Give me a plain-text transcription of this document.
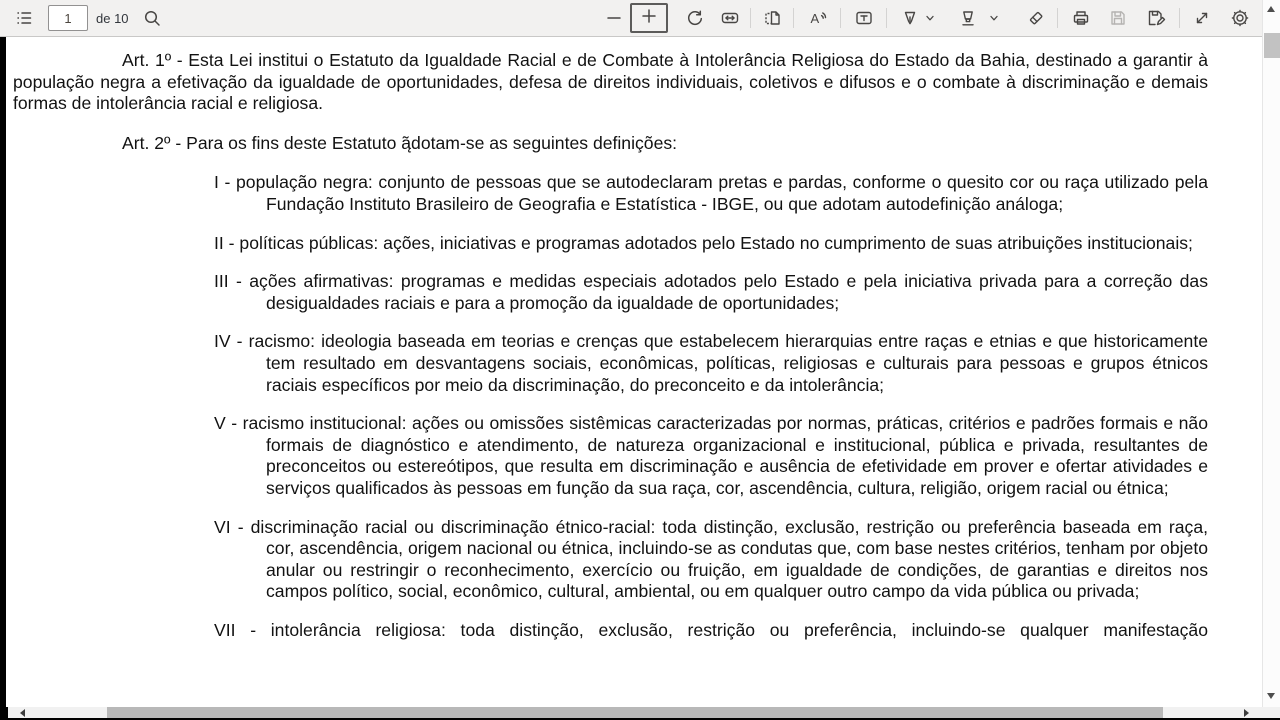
1
de 10	A

Art. 1º - Esta Lei institui o Estatuto da Igualdade Racial e de Combate à Intolerância Religiosa do Estado da Bahia, destinado a garantir à população negra a efetivação da igualdade de oportunidades, defesa de direitos individuais, coletivos e difusos e o combate à discriminação e demais formas de intolerância racial e religiosa.

Art. 2º - Para os fins deste Estatuto ą̃dotam-se as seguintes definições:

I - população negra: conjunto de pessoas que se autodeclaram pretas e pardas, conforme o quesito cor ou raça utilizado pela Fundação Instituto Brasileiro de Geografia e Estatística - IBGE, ou que adotam autodefinição análoga;

II - políticas públicas: ações, iniciativas e programas adotados pelo Estado no cumprimento de suas atribuições institucionais;

III - ações afirmativas: programas e medidas especiais adotados pelo Estado e pela iniciativa privada para a correção das desigualdades raciais e para a promoção da igualdade de oportunidades;

IV - racismo: ideologia baseada em teorias e crenças que estabelecem hierarquias entre raças e etnias e que historicamente tem resultado em desvantagens sociais, econômicas, políticas, religiosas e culturais para pessoas e grupos étnicos raciais específicos por meio da discriminação, do preconceito e da intolerância;

V - racismo institucional: ações ou omissões sistêmicas caracterizadas por normas, práticas, critérios e padrões formais e não formais de diagnóstico e atendimento, de natureza organizacional e institucional, pública e privada, resultantes de preconceitos ou estereótipos, que resulta em discriminação e ausência de efetividade em prover e ofertar atividades e serviços qualificados às pessoas em função da sua raça, cor, ascendência, cultura, religião, origem racial ou étnica;

VI - discriminação racial ou discriminação étnico-racial: toda distinção, exclusão, restrição ou preferência baseada em raça, cor, ascendência, origem nacional ou étnica, incluindo-se as condutas que, com base nestes critérios, tenham por objeto anular ou restringir o reconhecimento, exercício ou fruição, em igualdade de condições, de garantias e direitos nos campos político, social, econômico, cultural, ambiental, ou em qualquer outro campo da vida pública ou privada;

VII - intolerância religiosa: toda distinção, exclusão, restrição ou preferência, incluindo-se qualquer manifestação
